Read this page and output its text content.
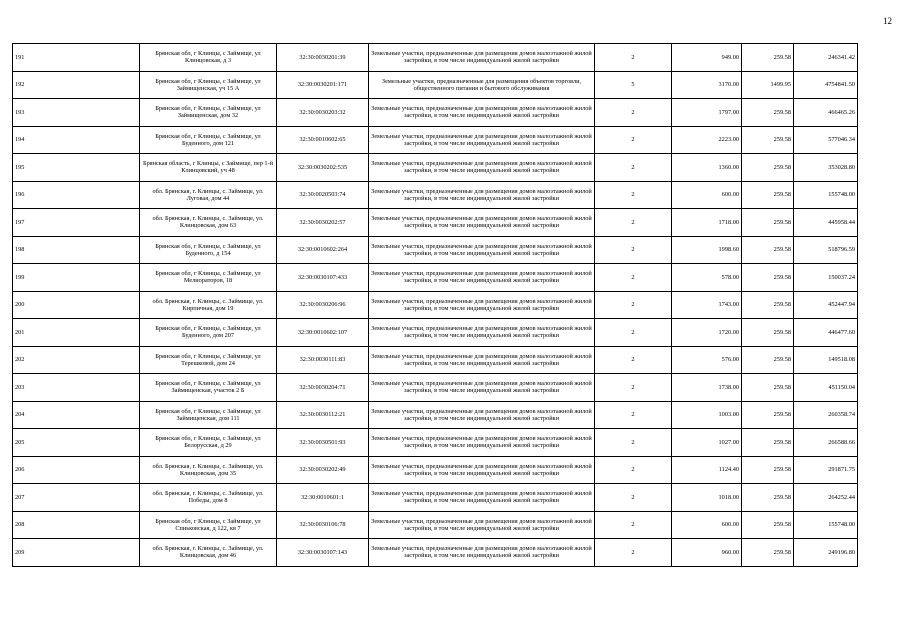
12
191	Брянская обл, г Клинцы, с Займище, ул Клинцовская, д 3	32:30:0030201:39	Земельные участки, предназначенные для размещения домов малоэтажной жилой застройки, в том числе индивидуальной жилой застройки	2	949.00	259.58	246341.42
192	Брянская обл, г Клинцы, с Займище, ул Займищенская, уч 15 А	32:30:0030201:171	Земельные участки, предназначенные для размещения объектов торговли, общественного питания и бытового обслуживания	5	3170.00	1499.95	4754841.50
193	Брянская обл, г Клинцы, с Займище, ул Займищенская, дом 32	32:30:0030203:32	Земельные участки, предназначенные для размещения домов малоэтажной жилой застройки, в том числе индивидуальной жилой застройки	2	1797.00	259.58	466465.26
194	Брянская обл, г Клинцы, с Займище, ул Буденного, дом 121	32:30:0010602:65	Земельные участки, предназначенные для размещения домов малоэтажной жилой застройки, в том числе индивидуальной жилой застройки	2	2223.00	259.58	577046.34
195	Брянская область, г Клинцы, с Займище, пер 1-й Клинцовский, уч 48	32:30:0030202:535	Земельные участки, предназначенные для размещения домов малоэтажной жилой застройки, в том числе индивидуальной жилой застройки	2	1360.00	259.58	353028.80
196	обл. Брянская, г. Клинцы, с. Займище, ул. Луговая, дом 44	32:30:0020503:74	Земельные участки, предназначенные для размещения домов малоэтажной жилой застройки, в том числе индивидуальной жилой застройки	2	600.00	259.58	155748.00
197	обл. Брянская, г. Клинцы, с. Займище, ул. Клинцовская, дом 63	32:30:0030202:57	Земельные участки, предназначенные для размещения домов малоэтажной жилой застройки, в том числе индивидуальной жилой застройки	2	1718.00	259.58	445958.44
198	Брянская обл, г Клинцы, с Займище, ул Буденного, д 154	32:30:0010602:264	Земельные участки, предназначенные для размещения домов малоэтажной жилой застройки, в том числе индивидуальной жилой застройки	2	1998.60	259.58	518796.59
199	Брянская обл, г Клинцы, с Займище, ул Мелиораторов, 18	32:30:0030107:433	Земельные участки, предназначенные для размещения домов малоэтажной жилой застройки, в том числе индивидуальной жилой застройки	2	578.00	259.58	150037.24
200	обл. Брянская, г. Клинцы, с. Займище, ул. Кирпичная, дом 19	32:30:0030206:96	Земельные участки, предназначенные для размещения домов малоэтажной жилой застройки, в том числе индивидуальной жилой застройки	2	1743.00	259.58	452447.94
201	Брянская обл, г Клинцы, с Займище, ул Буденного, дом 207	32:30:0010602:107	Земельные участки, предназначенные для размещения домов малоэтажной жилой застройки, в том числе индивидуальной жилой застройки	2	1720.00	259.58	446477.60
202	Брянская обл, г Клинцы, с Займище, ул Терешковой, дом 24	32:30:0030111:83	Земельные участки, предназначенные для размещения домов малоэтажной жилой застройки, в том числе индивидуальной жилой застройки	2	576.00	259.58	149518.08
203	Брянская обл, г Клинцы, с Займище, ул Займищенская, участок 2 Б	32:30:0030204:71	Земельные участки, предназначенные для размещения домов малоэтажной жилой застройки, в том числе индивидуальной жилой застройки	2	1738.00	259.58	451150.04
204	Брянская обл, г Клинцы, с Займище, ул Займищенская, дом 111	32:30:0030112:21	Земельные участки, предназначенные для размещения домов малоэтажной жилой застройки, в том числе индивидуальной жилой застройки	2	1003.00	259.58	260358.74
205	Брянская обл, г Клинцы, с Займище, ул Белорусская, д 29	32:30:0030501:93	Земельные участки, предназначенные для размещения домов малоэтажной жилой застройки, в том числе индивидуальной жилой застройки	2	1027.00	259.58	266588.66
206	обл. Брянская, г. Клинцы, с. Займище, ул. Клинцовская, дом 35	32:30:0030202:49	Земельные участки, предназначенные для размещения домов малоэтажной жилой застройки, в том числе индивидуальной жилой застройки	2	1124.40	259.58	291871.75
207	обл. Брянская, г. Клинцы, с. Займище, ул. Победы, дом 8	32:30:0010601:1	Земельные участки, предназначенные для размещения домов малоэтажной жилой застройки, в том числе индивидуальной жилой застройки	2	1018.00	259.58	264252.44
208	Брянская обл, г Клинцы, с Займище, ул Спиьковская, д 122, кв 7	32:30:0030106:78	Земельные участки, предназначенные для размещения домов малоэтажной жилой застройки, в том числе индивидуальной жилой застройки	2	600.00	259.58	155748.00
209	обл. Брянская, г. Клинцы, с. Займище, ул. Клинцовская, дом 46	32:30:0030107:143	Земельные участки, предназначенные для размещения домов малоэтажной жилой застройки, в том числе индивидуальной жилой застройки	2	960.00	259.58	249196.80
